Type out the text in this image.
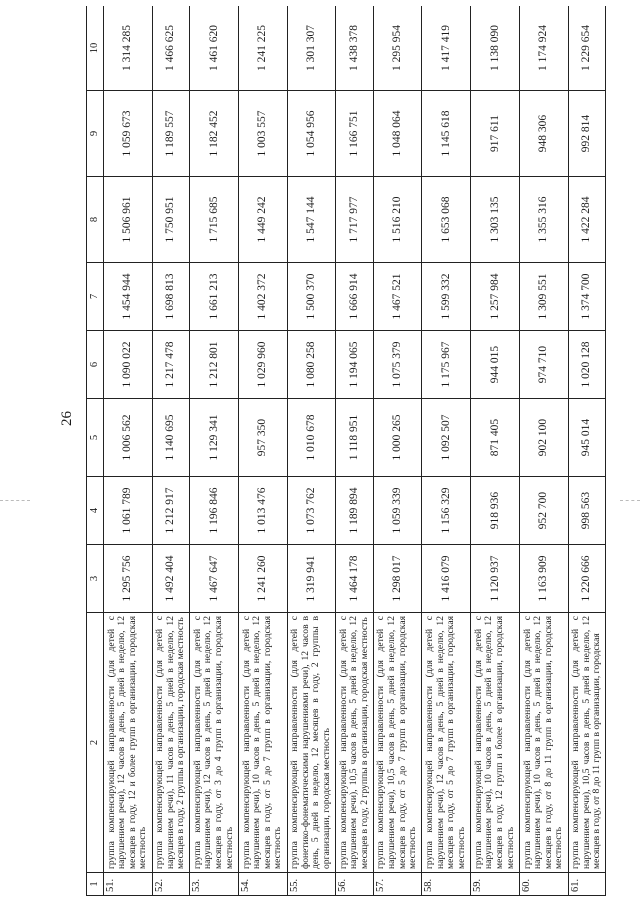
26
1	2	3	4	5	6	7	8	9	10
51.	группа компенсирующей направленности (для детей с нарушением речи), 12 часов в день, 5 дней в неделю, 12 месяцев в году, 12 и более групп в организации, городская местность	1 295 756	1 061 789	1 006 562	1 090 022	1 454 944	1 506 961	1 059 673	1 314 285
52.	группа компенсирующей направленности (для детей с нарушением речи), 11 часов в день, 5 дней в неделю, 12 месяцев в году, 2 группы в организации, городская местность	1 492 404	1 212 917	1 140 695	1 217 478	1 698 813	1 750 951	1 189 557	1 466 625
53.	группа компенсирующей направленности (для детей с нарушением речи), 12 часов в день, 5 дней в неделю, 12 месяцев в году, от 3 до 4 групп в организации, городская местность	1 467 647	1 196 846	1 129 341	1 212 801	1 661 213	1 715 685	1 182 452	1 461 620
54.	группа компенсирующей направленности (для детей с нарушением речи), 10 часов в день, 5 дней в неделю, 12 месяцев в году, от 5 до 7 групп в организации, городская местность	1 241 260	1 013 476	957 350	1 029 960	1 402 372	1 449 242	1 003 557	1 241 225
55.	группа компенсирующей направленности (для детей с фонетико-фонематическими нарушениями речи), 12 часов в день, 5 дней в неделю, 12 месяцев в году, 2 группы в организации, городская местность	1 319 941	1 073 762	1 010 678	1 080 258	1 500 370	1 547 144	1 054 956	1 301 307
56.	группа компенсирующей направленности (для детей с нарушением речи), 10,5 часов в день, 5 дней в неделю, 12 месяцев в году, 2 группы в организации, городская местность	1 464 178	1 189 894	1 118 951	1 194 065	1 666 914	1 717 977	1 166 751	1 438 378
57.	группа компенсирующей направленности (для детей с нарушением речи), 10,5 часов в день, 5 дней в неделю, 12 месяцев в году, от 5 до 7 групп в организации, городская местность	1 298 017	1 059 339	1 000 265	1 075 379	1 467 521	1 516 210	1 048 064	1 295 954
58.	группа компенсирующей направленности (для детей с нарушением речи), 12 часов в день, 5 дней в неделю, 12 месяцев в году, от 5 до 7 групп в организации, городская местность	1 416 079	1 156 329	1 092 507	1 175 967	1 599 332	1 653 068	1 145 618	1 417 419
59.	группа компенсирующей направленности (для детей с нарушением речи), 10 часов в день, 5 дней в неделю, 12 месяцев в году, 12 групп и более в организации, городская местность	1 120 937	918 936	871 405	944 015	1 257 984	1 303 135	917 611	1 138 090
60.	группа компенсирующей направленности (для детей с нарушением речи), 10 часов в день, 5 дней в неделю, 12 месяцев в году, от 8 до 11 групп в организации, городская местность	1 163 909	952 700	902 100	974 710	1 309 551	1 355 316	948 306	1 174 924
61.	группа компенсирующей направленности (для детей с нарушением речи), 10,5 часов в день, 5 дней в неделю, 12 месяцев в году, от 8 до 11 групп в организации, городская	1 220 666	998 563	945 014	1 020 128	1 374 700	1 422 284	992 814	1 229 654
